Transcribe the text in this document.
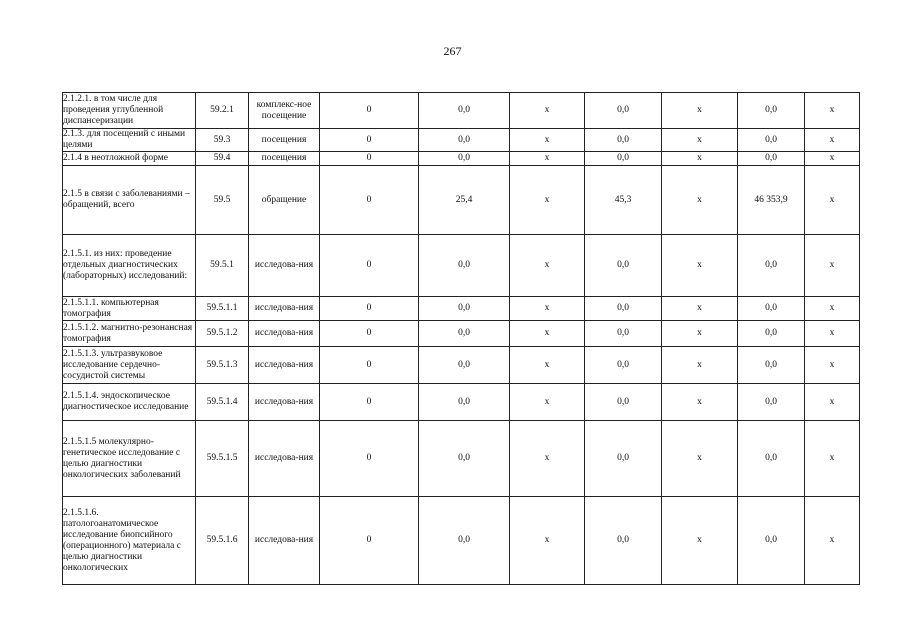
267
2.1.2.1. в том числе для проведения углубленной диспансеризации	59.2.1	комплекс-ное посещение	0	0,0	х	0,0	х	0,0	х
2.1.3. для посещений с иными целями	59.3	посещения	0	0,0	х	0,0	х	0,0	х
2.1.4 в неотложной форме	59.4	посещения	0	0,0	х	0,0	х	0,0	х
2.1.5 в связи с заболеваниями – обращений, всего	59.5	обращение	0	25,4	х	45,3	х	46 353,9	х
2.1.5.1. из них: проведение отдельных диагностических (лабораторных) исследований:	59.5.1	исследова-ния	0	0,0	х	0,0	х	0,0	х
2.1.5.1.1. компьютерная томография	59.5.1.1	исследова-ния	0	0,0	х	0,0	х	0,0	х
2.1.5.1.2. магнитно-резонансная томография	59.5.1.2	исследова-ния	0	0,0	х	0,0	х	0,0	х
2.1.5.1.3. ультразвуковое исследование сердечно-сосудистой системы	59.5.1.3	исследова-ния	0	0,0	х	0,0	х	0,0	х
2.1.5.1.4. эндоскопическое диагностическое исследование	59.5.1.4	исследова-ния	0	0,0	х	0,0	х	0,0	х
2.1.5.1.5 молекулярно-генетическое исследование с целью диагностики онкологических заболеваний	59.5.1.5	исследова-ния	0	0,0	х	0,0	х	0,0	х
2.1.5.1.6. патологоанатомическое исследование биопсийного (операционного) материала с целью диагностики онкологических	59.5.1.6	исследова-ния	0	0,0	х	0,0	х	0,0	х
